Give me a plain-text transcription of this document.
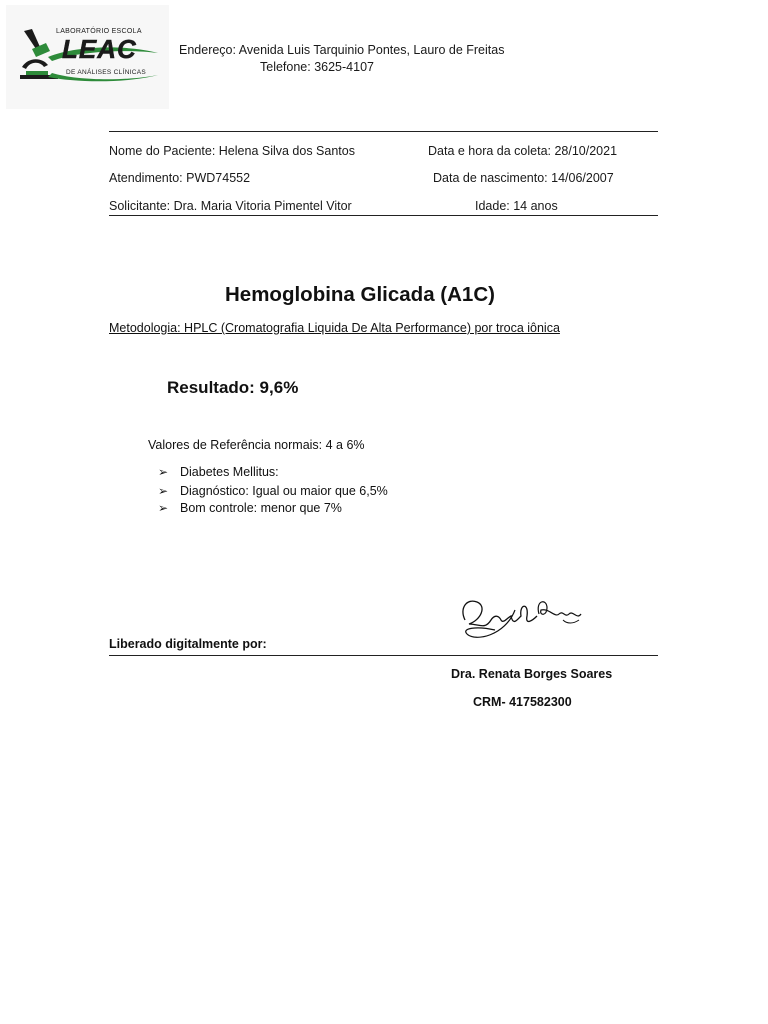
LABORATÓRIO ESCOLA
LEAC
DE ANÁLISES CLÍNICAS
Endereço: Avenida Luis Tarquinio Pontes, Lauro de Freitas
Telefone: 3625-4107
Nome do Paciente: Helena Silva dos Santos	Data e hora da coleta: 28/10/2021
Atendimento: PWD74552	Data de nascimento: 14/06/2007
Solicitante: Dra. Maria Vitoria Pimentel Vitor	Idade: 14 anos
Hemoglobina Glicada (A1C)
Metodologia: HPLC (Cromatografia Liquida De Alta Performance) por troca iônica
Resultado: 9,6%
Valores de Referência normais: 4 a 6%
➢ Diabetes Mellitus:
➢ Diagnóstico: Igual ou maior que 6,5%
➢ Bom controle: menor que 7%
Liberado digitalmente por:
Dra. Renata Borges Soares
CRM- 417582300
